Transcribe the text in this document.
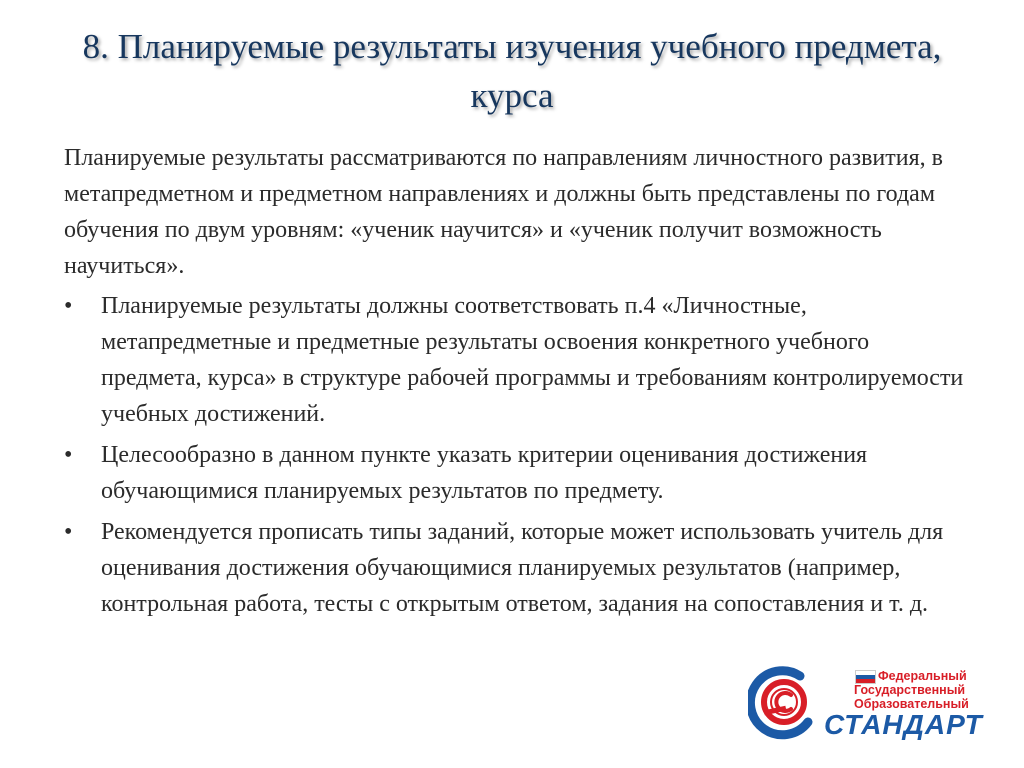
8. Планируемые результаты изучения учебного предмета, курса

Планируемые результаты рассматриваются по направлениям личностного развития, в метапредметном и предметном направлениях и должны быть представлены по годам обучения по двум уровням: «ученик научится» и «ученик получит возможность научиться».

•	Планируемые результаты должны соответствовать п.4 «Личностные, метапредметные и предметные результаты освоения конкретного учебного предмета, курса» в структуре рабочей программы и требованиям контролируемости учебных достижений.
•	Целесообразно в данном пункте указать критерии оценивания достижения обучающимися планируемых результатов по предмету.
•	Рекомендуется прописать типы заданий, которые может использовать учитель для оценивания достижения обучающимися планируемых результатов (например, контрольная работа, тесты с открытым ответом, задания на сопоставления и т. д.
Федеральный
Государственный
Образовательный
СТАНДАРТ
